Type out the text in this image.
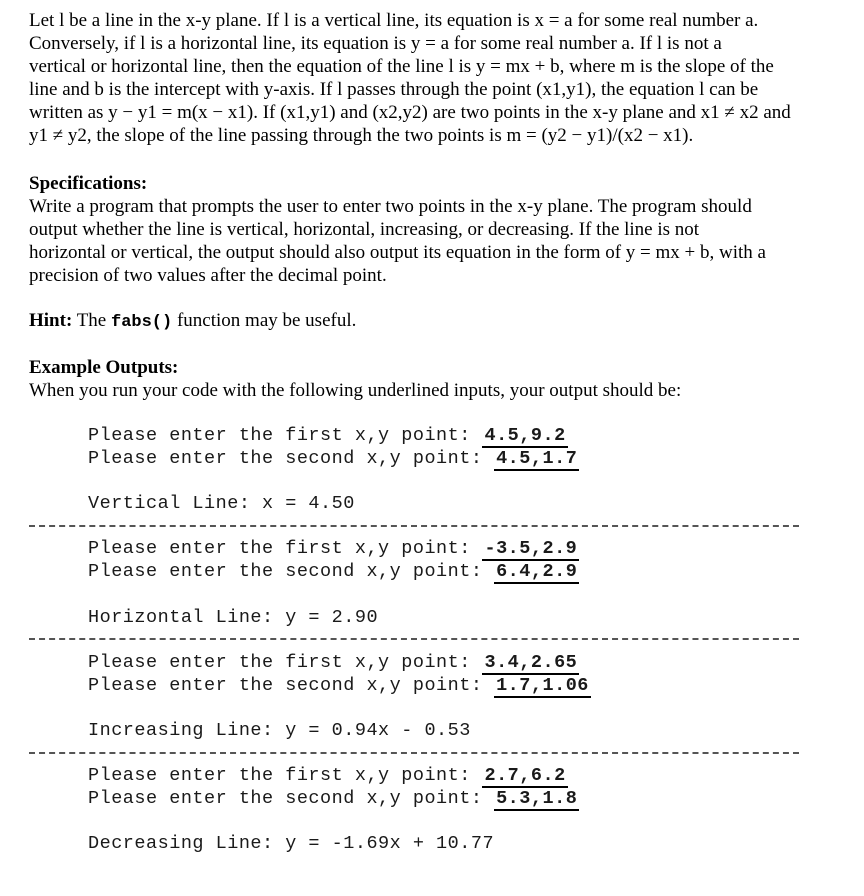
Let l be a line in the x-y plane. If l is a vertical line, its equation is x = a for some real number a.
Conversely, if l is a horizontal line, its equation is y = a for some real number a. If l is not a
vertical or horizontal line, then the equation of the line l is y = mx + b, where m is the slope of the
line and b is the intercept with y-axis. If l passes through the point (x1,y1), the equation l can be
written as y − y1 = m(x − x1). If (x1,y1) and (x2,y2) are two points in the x-y plane and x1 ≠ x2 and
y1 ≠ y2, the slope of the line passing through the two points is m = (y2 − y1)/(x2 − x1).
Specifications:
Write a program that prompts the user to enter two points in the x-y plane. The program should
output whether the line is vertical, horizontal, increasing, or decreasing. If the line is not
horizontal or vertical, the output should also output its equation in the form of y = mx + b, with a
precision of two values after the decimal point.
Hint: The fabs() function may be useful.
Example Outputs:
When you run your code with the following underlined inputs, your output should be:
Please enter the first x,y point: 4.5,9.2
Please enter the second x,y point: 4.5,1.7
Vertical Line: x = 4.50
Please enter the first x,y point: -3.5,2.9
Please enter the second x,y point: 6.4,2.9
Horizontal Line: y = 2.90
Please enter the first x,y point: 3.4,2.65
Please enter the second x,y point: 1.7,1.06
Increasing Line: y = 0.94x - 0.53
Please enter the first x,y point: 2.7,6.2
Please enter the second x,y point: 5.3,1.8
Decreasing Line: y = -1.69x + 10.77
